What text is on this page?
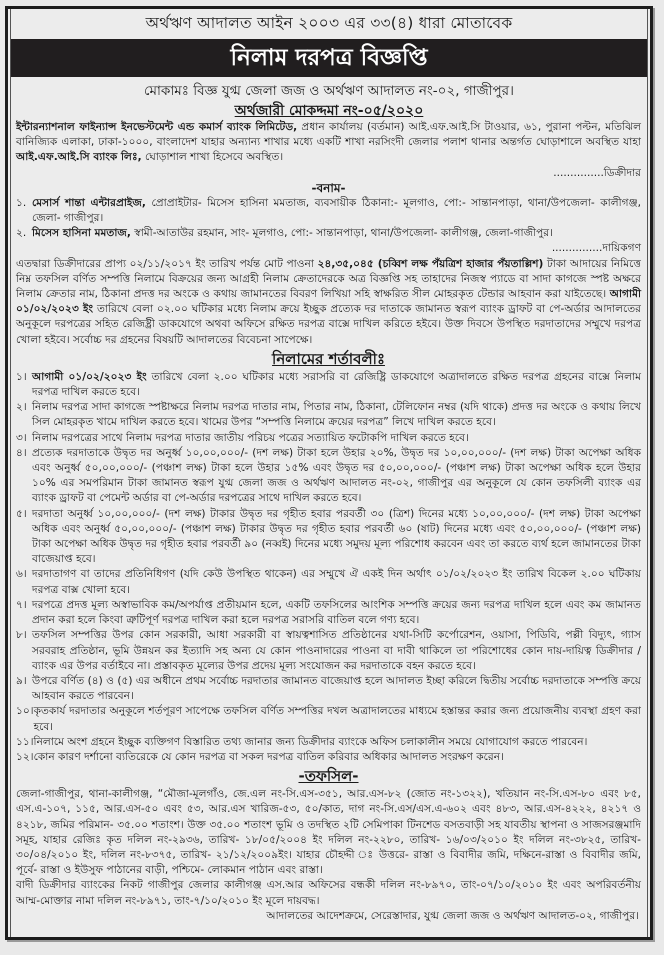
অর্থঋণ আদালত আইন ২০০৩ এর ৩৩(৪) ধারা মোতাবেক
নিলাম দরপত্র বিজ্ঞপ্তি
মোকামঃ বিজ্ঞ যুগ্ম জেলা জজ ও অর্থঋণ আদালত নং-০২, গাজীপুর।
অর্থজারী মোকদ্দমা নং-০৫/২০২০

ইন্টারন্যাশনাল ফাইন্যান্স ইনভেস্টমেন্ট এন্ড কমার্স ব্যাংক লিমিটেড, প্রধান কার্যালয় (বর্তমান) আই.এফ.আই.সি টাওয়ার, ৬১, পুরানা পল্টন, মতিঝিল বানিজ্যিক এলাকা, ঢাকা-১০০০, বাংলাদেশ যাহার অন্যান্য শাখার মধ্যে একটি শাখা নরসিংদী জেলার পলাশ থানার অন্তর্গত ঘোড়াশালে অবস্থিত যাহা আই.এফ.আই.সি ব্যাংক লিঃ, ঘোড়াশাল শাখা হিসেবে অবস্থিত।

...............ডিক্রীদার

-বনাম-
১. মেসার্স শান্তা এন্টারপ্রাইজ, প্রোপ্রাইটার- মিসেস হাসিনা মমতাজ, ব্যবসায়ীক ঠিকানা:- মূলগাও, পো:- সান্তানপাড়া, থানা/উপজেলা- কালীগঞ্জ, জেলা- গাজীপুর।
২. মিসেস হাসিনা মমতাজ, স্বামী-আতাউর রহমান, সাং- মূলগাও, পো:- সান্তানপাড়া, থানা/উপজেলা- কালীগঞ্জ, জেলা-গাজীপুর।

...............দায়িকগণ

এতদ্বারা ডিক্রীদারের প্রাপ্য ০২/১১/২০১৭ ইং তারিখ পর্যন্ত মোট পাওনা ২৪,৩৫,০৪৫ (চব্বিশ লক্ষ পঁয়ত্রিশ হাজার পঁয়তাল্লিশ) টাকা আদায়ের নিমিত্তে নিম্ন তফসিল বর্ণিত সম্পত্তি নিলামে বিক্রয়ের জন্য আগ্রহী নিলাম ক্রেতাদেরকে অত্র বিজ্ঞপ্তি সহ তাহাদের নিজস্ব প্যাডে বা সাদা কাগজে স্পষ্ট অক্ষরে নিলাম ক্রেতার নাম, ঠিকানা প্রদত্ত দর অংকে ও কথায় জামানতের বিবরণ লিখিয়া সহি স্বাক্ষরিত সীল মোহরকৃত টেন্ডার আহবান করা যাইতেছে। আগামী ০১/০২/২০২৩ ইং তারিখে বেলা ০২.০০ ঘটিকার মধ্যে নিলাম ক্রয়ে ইচ্ছুক প্রত্যেক দর দাতাকে জামানত স্বরূপ ব্যাংক ড্রাফট বা পে-অর্ডার আদালতের অনুকূলে দরপত্রের সহিত রেজিষ্ট্রী ডাকযোগে অথবা অফিসে রক্ষিত দরপত্র বাক্সে দাখিল করিতে হইবে। উক্ত দিবসে উপস্থিত দরদাতাদের সম্মুখে দরপত্র খোলা হইবে। সর্বোচ্চ দর গ্রহনের বিষয়টি আদালতের বিবেচনা সাপেক্ষে।

নিলামের শর্তাবলীঃ
১। আগামী ০১/০২/২০২৩ ইং তারিখে বেলা ২.০০ ঘটিকার মধ্যে সরাসরি বা রেজিষ্ট্রি ডাকযোগে অত্রাদালতে রক্ষিত দরপত্র গ্রহনের বাক্সে নিলাম দরপত্র দাখিল করতে হবে।
২। নিলাম দরপত্র সাদা কাগজে স্পষ্টাক্ষরে নিলাম দরপত্র দাতার নাম, পিতার নাম, ঠিকানা, টেলিফোন নম্বর (যদি থাকে) প্রদত্ত দর অংকে ও কথায় লিখে সিল মোহরকৃত খামে দাখিল করতে হবে। খামের উপর “সম্পত্তি নিলামে ক্রয়ের দরপত্র” লিখে দাখিল করতে হবে।
৩। নিলাম দরপত্রের সাথে নিলাম দরপত্র দাতার জাতীয় পরিচয় পত্রের সত্যায়িত ফটোকপি দাখিল করতে হবে।
৪। প্রত্যেক দরদাতাকে উদ্বৃত দর অনুর্ধ্ব ১০,০০,০০০/- (দশ লক্ষ) টাকা হলে উহার ২০%, উদ্বৃত দর ১০,০০,০০০/- (দশ লক্ষ) টাকা অপেক্ষা অধিক এবং অনুর্ধ্ব ৫০,০০,০০০/- (পঞ্চাশ লক্ষ) টাকা হলে উহার ১৫% এবং উদ্বৃত দর ৫০,০০,০০০/- (পঞ্চাশ লক্ষ) টাকা অপেক্ষা অধিক হলে উহার ১০% এর সমপরিমান টাকা জামানত স্বরূপ যুগ্ম জেলা জজ ও অর্থঋণ আদালত নং-০২, গাজীপুর এর অনুকূলে যে কোন তফসিলী ব্যাংক এর ব্যাংক ড্রাফট বা পেমেন্ট অর্ডার বা পে-অর্ডার দরপত্রের সাথে দাখিল করতে হবে।
৫। দরদাতা অনুর্ধ্ব ১০,০০,০০০/- (দশ লক্ষ) টাকার উদ্বৃত দর গৃহীত হবার পরবর্তী ৩০ (ত্রিশ) দিনের মধ্যে ১০,০০,০০০/- (দশ লক্ষ) টাকা অপেক্ষা অধিক এবং অনুর্ধ্ব ৫০,০০,০০০/- (পঞ্চাশ লক্ষ) টাকার উদ্বৃত দর গৃহীত হবার পরবর্তী ৬০ (ষাট) দিনের মধ্যে এবং ৫০,০০,০০০/- (পঞ্চাশ লক্ষ) টাকা অপেক্ষা অধিক উদ্বৃত দর গৃহীত হবার পরবর্তী ৯০ (নব্বই) দিনের মধ্যে সমুদয় মূল্য পরিশোধ করবেন এবং তা করতে ব্যর্থ হলে জামানতের টাকা বাজেয়াপ্ত হবে।
৬। দরদাতাগণ বা তাদের প্রতিনিধিগণ (যদি কেউ উপস্থিত থাকেন) এর সম্মুখে ঐ একই দিন অর্থাৎ ০১/০২/২০২৩ ইং তারিখ বিকেল ২.০০ ঘটিকায় দরপত্র বাক্স খোলা হবে।
৭। দরপত্রে প্রদত্ত মূল্য অস্বাভাবিক কম/অপর্যাপ্ত প্রতীয়মান হলে, একটি তফসিলের আংশিক সম্পত্তি ক্রয়ের জন্য দরপত্র দাখিল হলে এবং কম জামানত প্রদান করা হলে কিংবা ত্রুটিপূর্ণ দরপত্র দাখিল করা হলে দরপত্র সরাসরি বাতিল বলে গণ্য হবে।
৮। তফসিল সম্পত্তির উপর কোন সরকারী, আধা সরকারী বা স্বায়ত্বশাসিত প্রতিষ্ঠানের যথা-সিটি কর্পোরেশন, ওয়াসা, পিডিবি, পল্লী বিদ্যুৎ, গ্যাস সরবরাহ প্রতিষ্ঠান, ভূমি উন্নয়ন কর ইত্যাদি সহ অন্য যে কোন পাওনাদারের পাওনা বা দাবী থাকিলে তা পরিশোধের কোন দায়-দায়িত্ব ডিক্রীদার /ব্যাংক এর উপর বর্তাইবে না। প্রস্তাবকৃত মূল্যের উপর প্রদেয় মূল্য সংযোজন কর দরদাতাকে বহন করতে হবে।
৯। উপরে বর্ণিত (৪) ও (৫) এর অধীনে প্রথম সর্বোচ্চ দরদাতার জামানত বাজেয়াপ্ত হলে আদালত ইচ্ছা করিলে দ্বিতীয় সর্বোচ্চ দরদাতাকে সম্পত্তি ক্রয়ে আহবান করতে পারবেন।
১০। কৃতকার্য দরদাতার অনুকূলে শর্তপূরণ সাপেক্ষে তফসিল বর্ণিত সম্পত্তির দখল অত্রাদালতের মাধ্যমে হস্তান্তর করার জন্য প্রয়োজনীয় ব্যবস্থা গ্রহণ করা হবে।
১১। নিলামে অংশ গ্রহনে ইচ্ছুক ব্যক্তিগণ বিস্তারিত তথ্য জানার জন্য ডিক্রীদার ব্যাংকে অফিস চলাকালীন সময়ে যোগাযোগ করতে পারবেন।
১২। কোন কারণ দর্শানো ব্যতিরেকে যে কোন দরপত্র বা সকল দরপত্র বাতিল করিবার অধিকার আদালত সংরক্ষণ করেন।
-তফসিল-

জেলা-গাজীপুর, থানা-কালীগঞ্জ, “মৌজা-মূলগাঁও, জে.এল নং-সি.এস-৩৫১, আর.এস-৮২ (জোত নং-১৩২২), খতিয়ান নং-সি.এস-৮০ এবং ৮৫, এস.এ-১০৭, ১১৫, আর.এস-৫০ এবং ৫৩, আর.এস খারিজ-৫৩, ৫০/কাত, দাগ নং-সি.এস/এস.এ-৬০২ এবং ৪৮৩, আর.এস-৪২২২, ৪২১৭ ও ৪২১৮, জমির পরিমান- ৩৫.০০ শতাংশ। উক্ত ৩৫.০০ শতাংশ ভূমি ও তদস্থিত ২টি সেমিপাকা টিনশেড বসতবাড়ী সহ যাবতীয় স্থাপনা ও সাজসরঞ্জমাদি সমূহ, যাহার রেজিঃ কৃত দলিল নং-২৯৩৬, তারিখ- ১৮/০৫/২০০৪ ইং দলিল নং-২২৮০, তারিখ- ১৬/০৩/২০১০ ইং দলিল নং-৩৮২৫, তারিখ- ৩০/০৪/২০১০ ইং, দলিল নং-৮৩৭৫, তারিখ- ২১/১২/২০০৯ইং। যাহার চৌহদ্দী ঃ উত্তরে- রাস্তা ও বিবাদীর জমি, দক্ষিনে-রাস্তা ও বিবাদীর জমি, পূর্বে- রাস্তা ও ইউসুফ পাঠানের বাড়ী, পশ্চিমে- লোকমান পাঠান এবং রাস্তা।

বাদী ডিক্রীদার ব্যাংকের নিকট গাজীপুর জেলার কালীগঞ্জ এস.আর অফিসের বন্ধকী দলিল নং-৮৯৭০, তাং-০৭/১০/২০১০ ইং এবং অপরিবর্তনীয় আম্ম-মোক্তার নামা দলিল নং-৮৯৭১, তাং-৭/১০/২০১০ ইং মূলে দায়বদ্ধ।

আদালতের আদেশক্রমে, সেরেস্তাদার, যুগ্ম জেলা জজ ও অর্থঋণ আদালত-০২, গাজীপুর।
